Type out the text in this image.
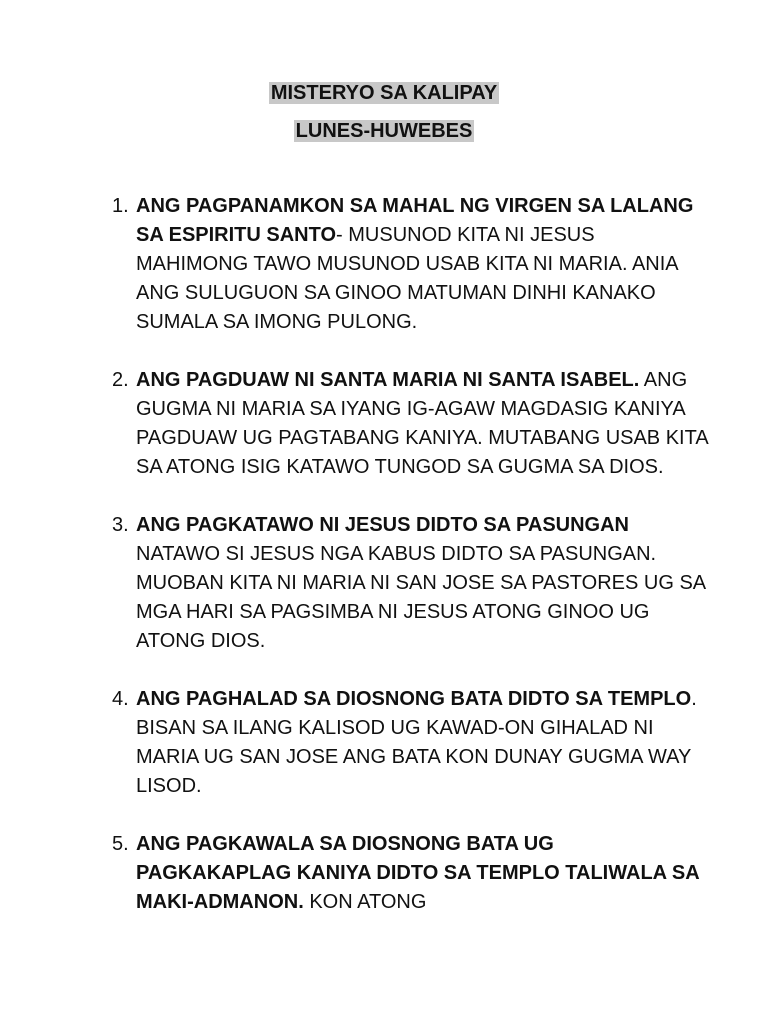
MISTERYO SA KALIPAY
LUNES-HUWEBES
1. ANG PAGPANAMKON SA MAHAL NG VIRGEN SA LALANG SA ESPIRITU SANTO- MUSUNOD KITA NI JESUS MAHIMONG TAWO MUSUNOD USAB KITA NI MARIA. ANIA ANG SULUGUON SA GINOO MATUMAN DINHI KANAKO SUMALA SA IMONG PULONG.
2. ANG PAGDUAW NI SANTA MARIA NI SANTA ISABEL. ANG GUGMA NI MARIA SA IYANG IG-AGAW MAGDASIG KANIYA PAGDUAW UG PAGTABANG KANIYA. MUTABANG USAB KITA SA ATONG ISIG KATAWO TUNGOD SA GUGMA SA DIOS.
3. ANG PAGKATAWO NI JESUS DIDTO SA PASUNGAN NATAWO SI JESUS NGA KABUS DIDTO SA PASUNGAN. MUOBAN KITA NI MARIA NI SAN JOSE SA PASTORES UG SA MGA HARI SA PAGSIMBA NI JESUS ATONG GINOO UG ATONG DIOS.
4. ANG PAGHALAD SA DIOSNONG BATA DIDTO SA TEMPLO. BISAN SA ILANG KALISOD UG KAWAD-ON GIHALAD NI MARIA UG SAN JOSE ANG BATA KON DUNAY GUGMA WAY LISOD.
5. ANG PAGKAWALA SA DIOSNONG BATA UG PAGKAKAPLAG KANIYA DIDTO SA TEMPLO TALIWALA SA MAKI-ADMANON. KON ATONG
